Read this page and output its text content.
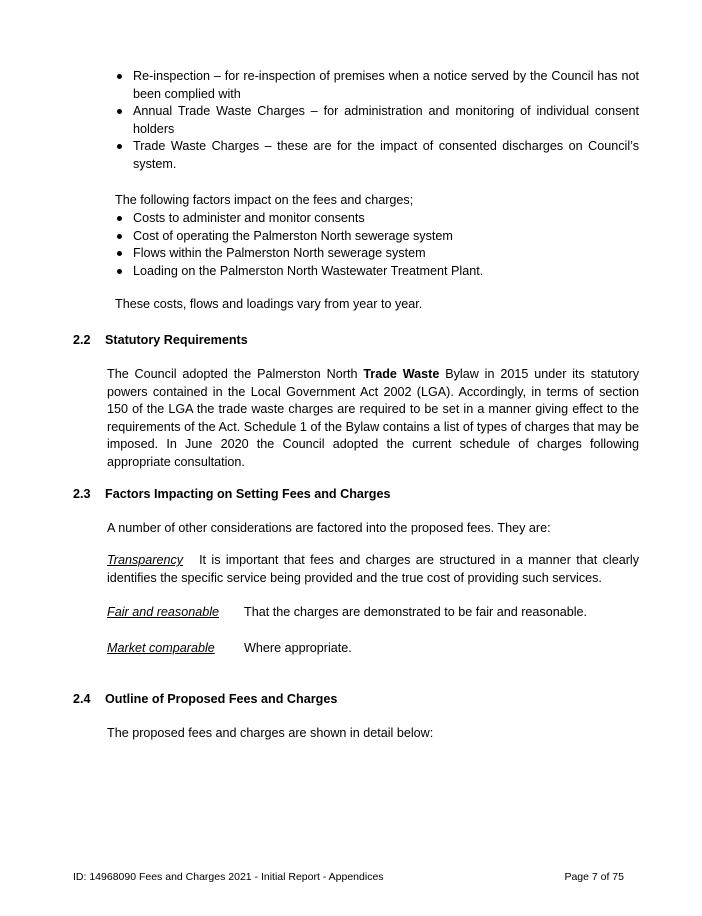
Re-inspection – for re-inspection of premises when a notice served by the Council has not been complied with
Annual Trade Waste Charges – for administration and monitoring of individual consent holders
Trade Waste Charges – these are for the impact of consented discharges on Council’s system.
The following factors impact on the fees and charges;
Costs to administer and monitor consents
Cost of operating the Palmerston North sewerage system
Flows within the Palmerston North sewerage system
Loading on the Palmerston North Wastewater Treatment Plant.
These costs, flows and loadings vary from year to year.
2.2 Statutory Requirements
The Council adopted the Palmerston North Trade Waste Bylaw in 2015 under its statutory powers contained in the Local Government Act 2002 (LGA). Accordingly, in terms of section 150 of the LGA the trade waste charges are required to be set in a manner giving effect to the requirements of the Act. Schedule 1 of the Bylaw contains a list of types of charges that may be imposed. In June 2020 the Council adopted the current schedule of charges following appropriate consultation.
2.3 Factors Impacting on Setting Fees and Charges
A number of other considerations are factored into the proposed fees. They are:
Transparency It is important that fees and charges are structured in a manner that clearly identifies the specific service being provided and the true cost of providing such services.
Fair and reasonable That the charges are demonstrated to be fair and reasonable.
Market comparable Where appropriate.
2.4 Outline of Proposed Fees and Charges
The proposed fees and charges are shown in detail below:
ID: 14968090 Fees and Charges 2021 - Initial Report - Appendices	Page 7 of 75
